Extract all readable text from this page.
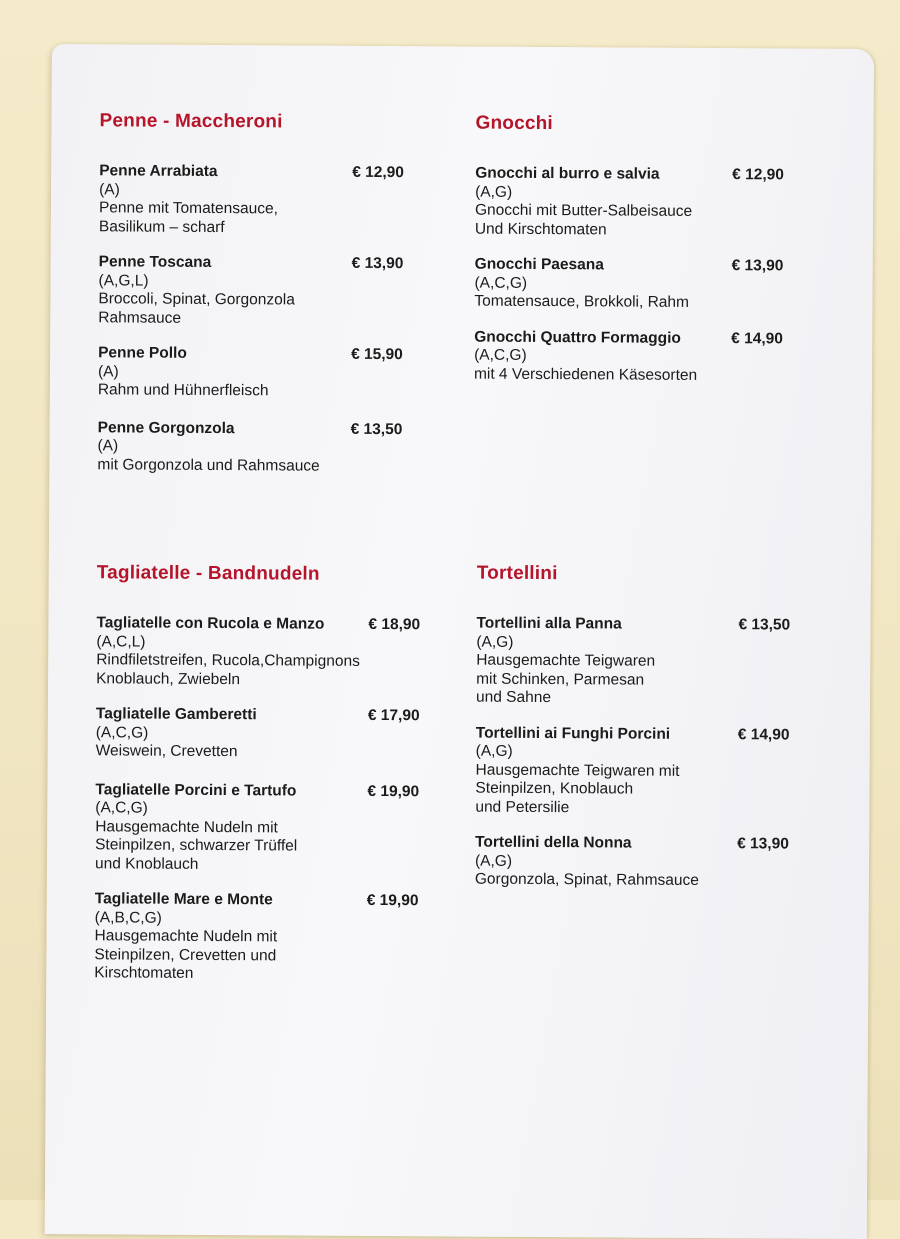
Penne - Maccheroni
Penne Arrabiata	€ 12,90
(A)
Penne mit Tomatensauce,
Basilikum – scharf
Penne Toscana	€ 13,90
(A,G,L)
Broccoli, Spinat, Gorgonzola
Rahmsauce
Penne Pollo	€ 15,90
(A)
Rahm und Hühnerfleisch
Penne Gorgonzola	€ 13,50
(A)
mit Gorgonzola und Rahmsauce
Gnocchi
Gnocchi al burro e salvia	€ 12,90
(A,G)
Gnocchi mit Butter-Salbeisauce
Und Kirschtomaten
Gnocchi Paesana	€ 13,90
(A,C,G)
Tomatensauce, Brokkoli, Rahm
Gnocchi Quattro Formaggio	€ 14,90
(A,C,G)
mit 4 Verschiedenen Käsesorten
Tagliatelle - Bandnudeln
Tagliatelle con Rucola e Manzo	€ 18,90
(A,C,L)
Rindfiletstreifen, Rucola,Champignons
Knoblauch, Zwiebeln
Tagliatelle Gamberetti	€ 17,90
(A,C,G)
Weiswein, Crevetten
Tagliatelle Porcini e Tartufo	€ 19,90
(A,C,G)
Hausgemachte Nudeln mit
Steinpilzen, schwarzer Trüffel
und Knoblauch
Tagliatelle Mare e Monte	€ 19,90
(A,B,C,G)
Hausgemachte Nudeln mit
Steinpilzen, Crevetten und
Kirschtomaten
Tortellini
Tortellini alla Panna	€ 13,50
(A,G)
Hausgemachte Teigwaren
mit Schinken, Parmesan
und Sahne
Tortellini ai Funghi Porcini	€ 14,90
(A,G)
Hausgemachte Teigwaren mit
Steinpilzen, Knoblauch
und Petersilie
Tortellini della Nonna	€ 13,90
(A,G)
Gorgonzola, Spinat, Rahmsauce
